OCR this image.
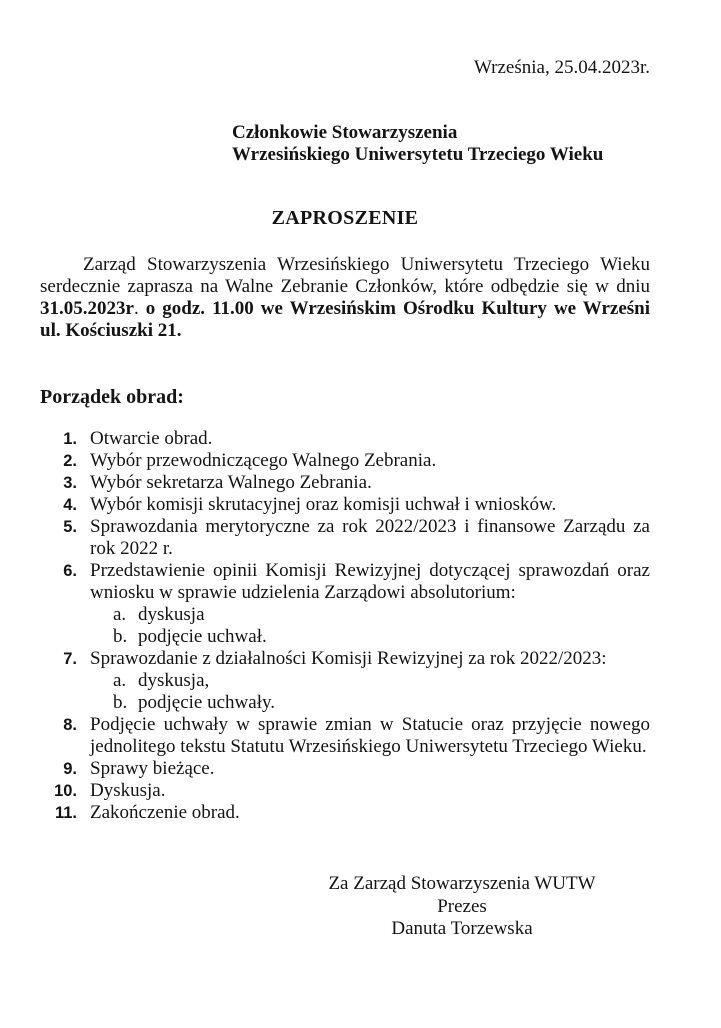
Września, 25.04.2023r.
Członkowie Stowarzyszenia
Wrzesińskiego Uniwersytetu Trzeciego Wieku
ZAPROSZENIE

Zarząd Stowarzyszenia Wrzesińskiego Uniwersytetu Trzeciego Wieku serdecznie zaprasza na Walne Zebranie Członków, które odbędzie się w dniu 31.05.2023r. o godz. 11.00 we Wrzesińskim Ośrodku Kultury we Wrześni ul. Kościuszki 21.

Porządek obrad:
1. Otwarcie obrad.
2. Wybór przewodniczącego Walnego Zebrania.
3. Wybór sekretarza Walnego Zebrania.
4. Wybór komisji skrutacyjnej oraz komisji uchwał i wniosków.
5. Sprawozdania merytoryczne za rok 2022/2023 i finansowe Zarządu za rok 2022 r.
6. Przedstawienie opinii Komisji Rewizyjnej dotyczącej sprawozdań oraz wniosku w sprawie udzielenia Zarządowi absolutorium:
a. dyskusja
b. podjęcie uchwał.
7. Sprawozdanie z działalności Komisji Rewizyjnej za rok 2022/2023:
a. dyskusja,
b. podjęcie uchwały.
8. Podjęcie uchwały w sprawie zmian w Statucie oraz przyjęcie nowego jednolitego tekstu Statutu Wrzesińskiego Uniwersytetu Trzeciego Wieku.
9. Sprawy bieżące.
10. Dyskusja.
11. Zakończenie obrad.
Za Zarząd Stowarzyszenia WUTW
Prezes
Danuta Torzewska
